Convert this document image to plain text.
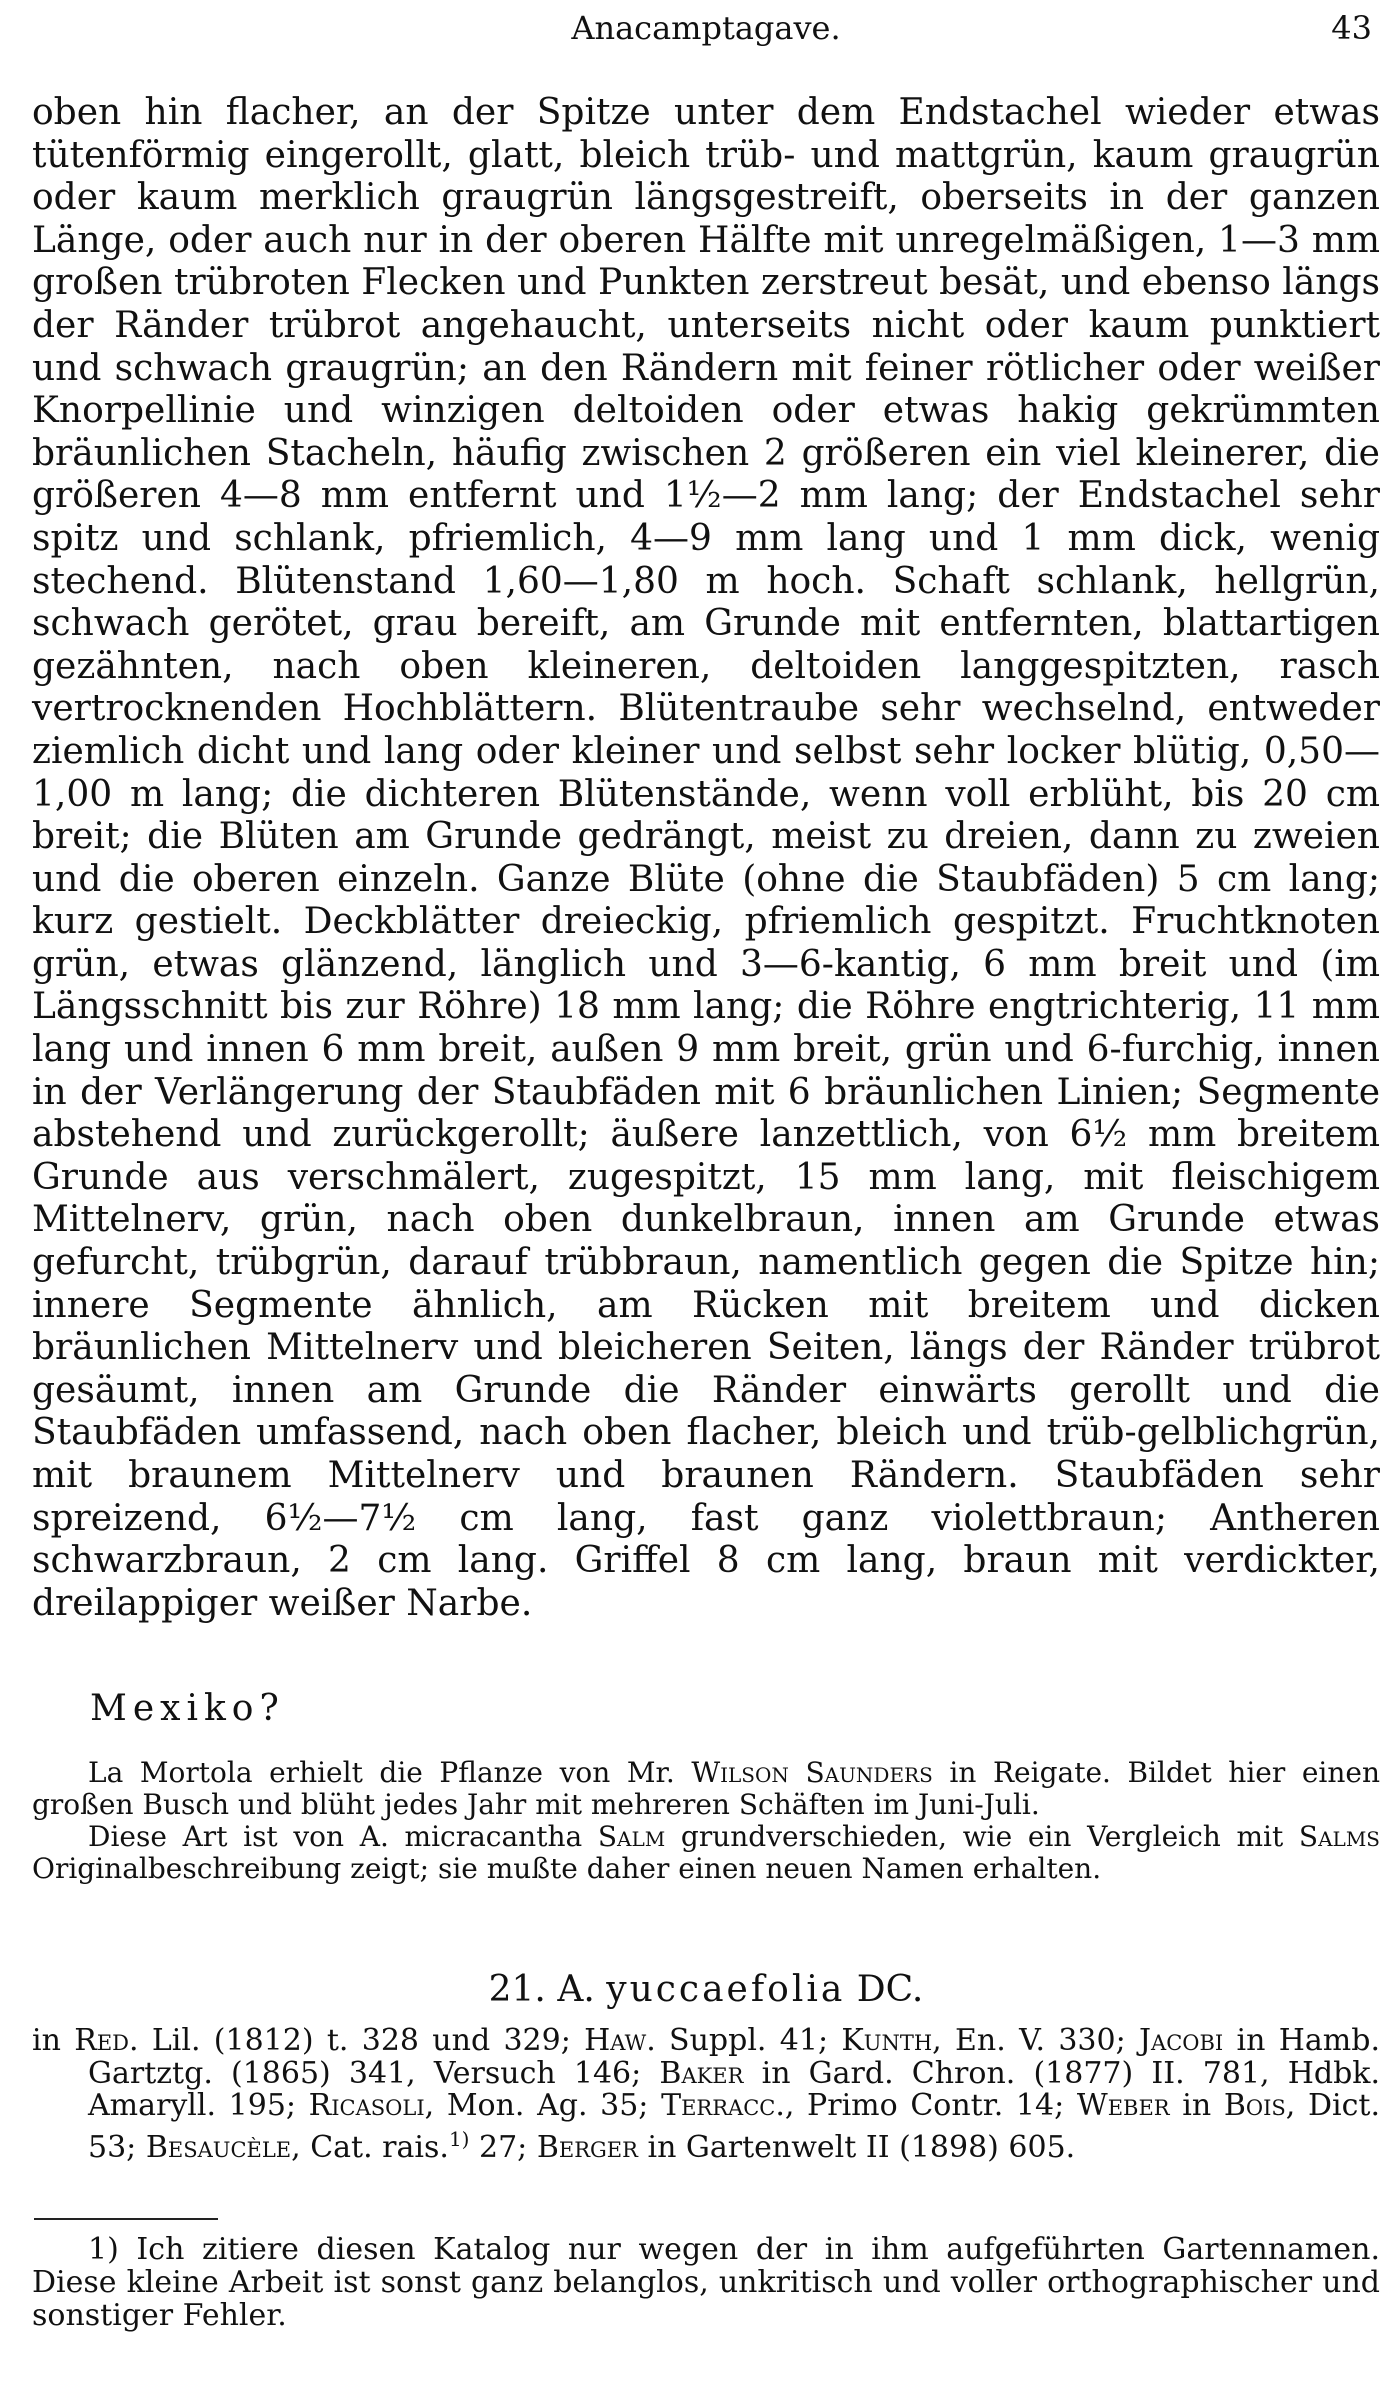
Anacamptagave.	43

oben hin flacher, an der Spitze unter dem Endstachel wieder etwas tütenförmig eingerollt, glatt, bleich trüb- und mattgrün, kaum graugrün oder kaum merklich graugrün längsgestreift, oberseits in der ganzen Länge, oder auch nur in der oberen Hälfte mit unregelmäßigen, 1—3 mm großen trübroten Flecken und Punkten zerstreut besät, und ebenso längs der Ränder trübrot angehaucht, unterseits nicht oder kaum punktiert und schwach graugrün; an den Rändern mit feiner rötlicher oder weißer Knorpellinie und winzigen deltoiden oder etwas hakig gekrümmten bräunlichen Stacheln, häufig zwischen 2 größeren ein viel kleinerer, die größeren 4—8 mm entfernt und 1½—2 mm lang; der Endstachel sehr spitz und schlank, pfriemlich, 4—9 mm lang und 1 mm dick, wenig stechend. Blütenstand 1,60—1,80 m hoch. Schaft schlank, hellgrün, schwach gerötet, grau bereift, am Grunde mit entfernten, blattartigen gezähnten, nach oben kleineren, deltoiden langgespitzten, rasch vertrocknenden Hochblättern. Blütentraube sehr wechselnd, entweder ziemlich dicht und lang oder kleiner und selbst sehr locker blütig, 0,50—1,00 m lang; die dichteren Blütenstände, wenn voll erblüht, bis 20 cm breit; die Blüten am Grunde gedrängt, meist zu dreien, dann zu zweien und die oberen einzeln. Ganze Blüte (ohne die Staubfäden) 5 cm lang; kurz gestielt. Deckblätter dreieckig, pfriemlich gespitzt. Fruchtknoten grün, etwas glänzend, länglich und 3—6-kantig, 6 mm breit und (im Längsschnitt bis zur Röhre) 18 mm lang; die Röhre engtrichterig, 11 mm lang und innen 6 mm breit, außen 9 mm breit, grün und 6-furchig, innen in der Verlängerung der Staubfäden mit 6 bräunlichen Linien; Segmente abstehend und zurückgerollt; äußere lanzettlich, von 6½ mm breitem Grunde aus verschmälert, zugespitzt, 15 mm lang, mit fleischigem Mittelnerv, grün, nach oben dunkelbraun, innen am Grunde etwas gefurcht, trübgrün, darauf trübbraun, namentlich gegen die Spitze hin; innere Segmente ähnlich, am Rücken mit breitem und dicken bräunlichen Mittelnerv und bleicheren Seiten, längs der Ränder trübrot gesäumt, innen am Grunde die Ränder einwärts gerollt und die Staubfäden umfassend, nach oben flacher, bleich und trüb-gelblichgrün, mit braunem Mittelnerv und braunen Rändern. Staubfäden sehr spreizend, 6½—7½ cm lang, fast ganz violettbraun; Antheren schwarzbraun, 2 cm lang. Griffel 8 cm lang, braun mit verdickter, dreilappiger weißer Narbe.

Mexiko?

La Mortola erhielt die Pflanze von Mr. Wilson Saunders in Reigate. Bildet hier einen großen Busch und blüht jedes Jahr mit mehreren Schäften im Juni-Juli.

Diese Art ist von A. micracantha Salm grundverschieden, wie ein Vergleich mit Salms Originalbeschreibung zeigt; sie mußte daher einen neuen Namen erhalten.

21. A. yuccaefolia DC.

in Red. Lil. (1812) t. 328 und 329; Haw. Suppl. 41; Kunth, En. V. 330; Jacobi in Hamb. Gartztg. (1865) 341, Versuch 146; Baker in Gard. Chron. (1877) II. 781, Hdbk. Amaryll. 195; Ricasoli, Mon. Ag. 35; Terracc., Primo Contr. 14; Weber in Bois, Dict. 53; Besaucèle, Cat. rais.$^{1)}$ 27; Berger in Gartenwelt II (1898) 605.

1) Ich zitiere diesen Katalog nur wegen der in ihm aufgeführten Gartennamen. Diese kleine Arbeit ist sonst ganz belanglos, unkritisch und voller orthographischer und sonstiger Fehler.
